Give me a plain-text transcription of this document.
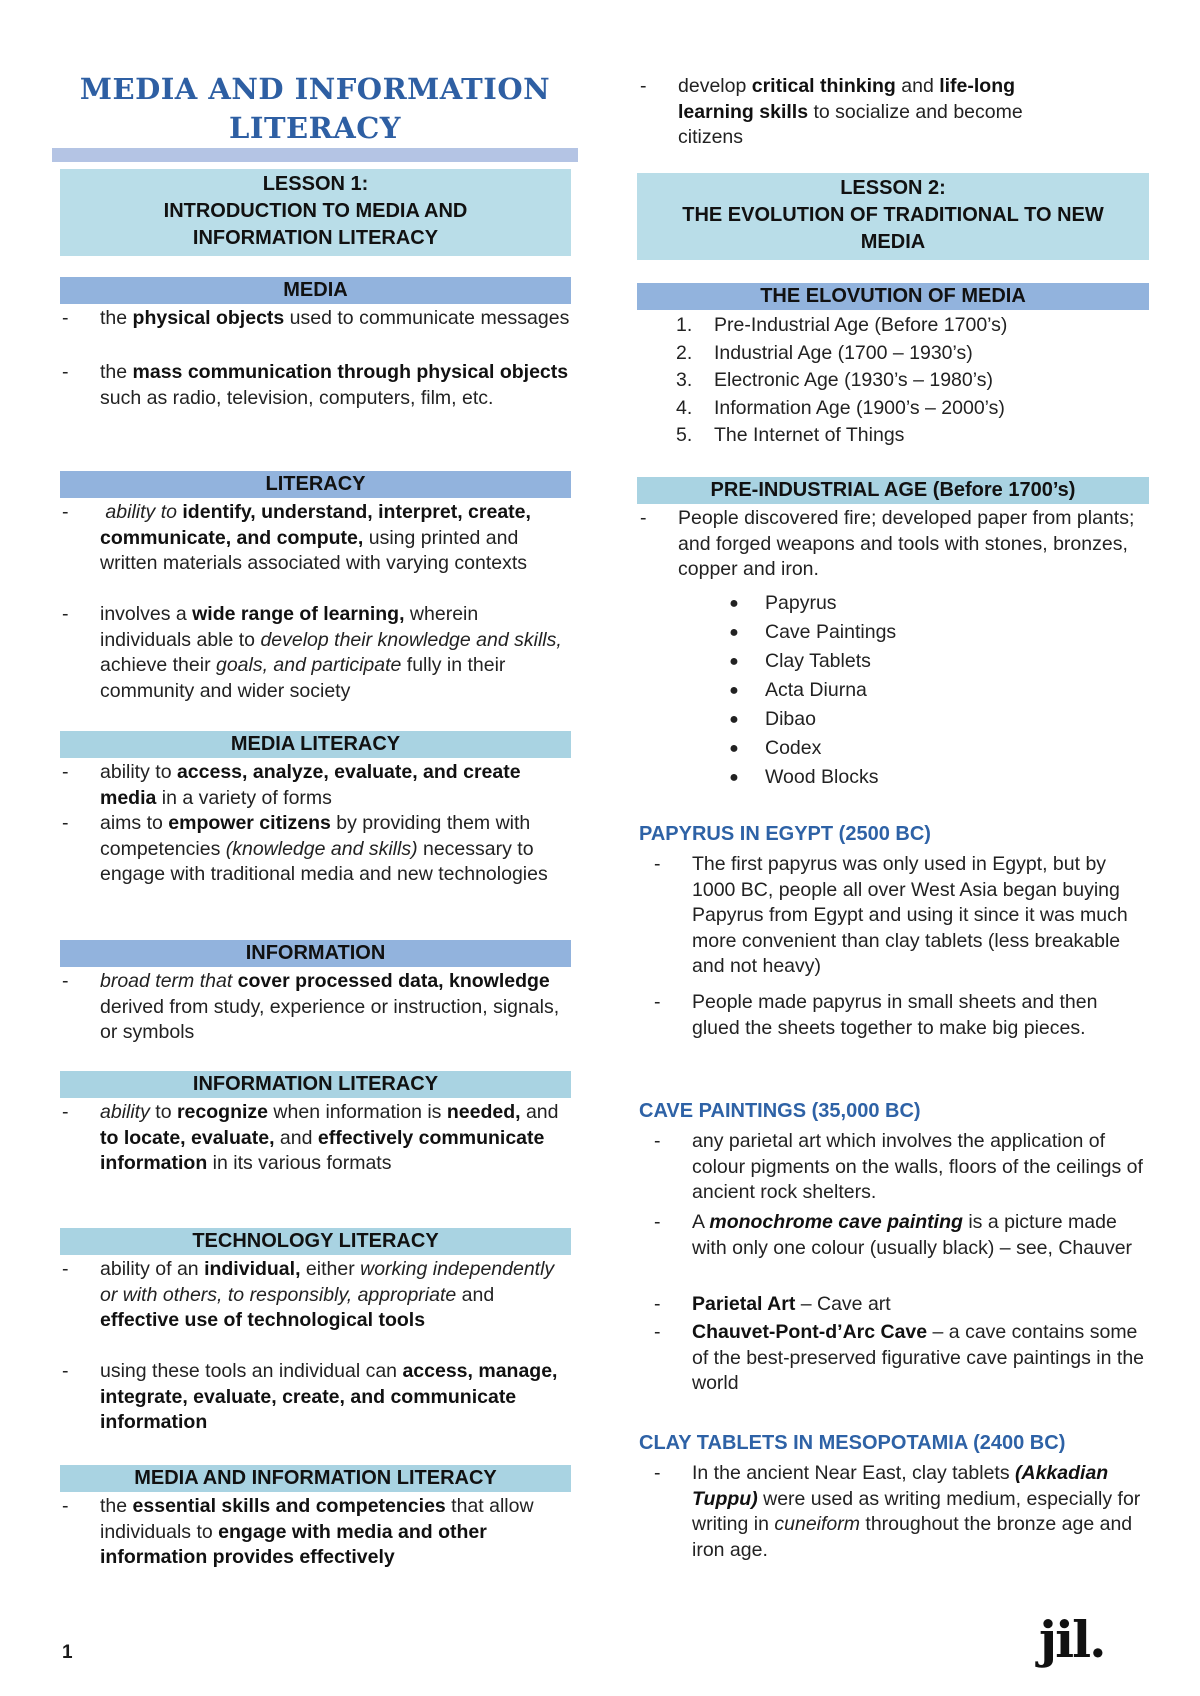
MEDIA AND INFORMATION
LITERACY
LESSON 1:
INTRODUCTION TO MEDIA AND
INFORMATION LITERACY
MEDIA
- the physical objects used to communicate messages
- the mass communication through physical objects such as radio, television, computers, film, etc.
LITERACY
- ability to identify, understand, interpret, create, communicate, and compute, using printed and written materials associated with varying contexts
- involves a wide range of learning, wherein individuals able to develop their knowledge and skills, achieve their goals, and participate fully in their community and wider society
MEDIA LITERACY
- ability to access, analyze, evaluate, and create media in a variety of forms
- aims to empower citizens by providing them with competencies (knowledge and skills) necessary to engage with traditional media and new technologies
INFORMATION
- broad term that cover processed data, knowledge derived from study, experience or instruction, signals, or symbols
INFORMATION LITERACY
- ability to recognize when information is needed, and to locate, evaluate, and effectively communicate information in its various formats
TECHNOLOGY LITERACY
- ability of an individual, either working independently or with others, to responsibly, appropriate and effective use of technological tools
- using these tools an individual can access, manage, integrate, evaluate, create, and communicate information
MEDIA AND INFORMATION LITERACY
- the essential skills and competencies that allow individuals to engage with media and other information provides effectively
- develop critical thinking and life-long learning skills to socialize and become citizens
LESSON 2:
THE EVOLUTION OF TRADITIONAL TO NEW
MEDIA
THE ELOVUTION OF MEDIA
1.	Pre-Industrial Age (Before 1700’s)
2.	Industrial Age (1700 – 1930’s)
3.	Electronic Age (1930’s – 1980’s)
4.	Information Age (1900’s – 2000’s)
5.	The Internet of Things
PRE-INDUSTRIAL AGE (Before 1700’s)
- People discovered fire; developed paper from plants; and forged weapons and tools with stones, bronzes, copper and iron.
● Papyrus
● Cave Paintings
● Clay Tablets
● Acta Diurna
● Dibao
● Codex
● Wood Blocks
PAPYRUS IN EGYPT (2500 BC)
- The first papyrus was only used in Egypt, but by 1000 BC, people all over West Asia began buying Papyrus from Egypt and using it since it was much more convenient than clay tablets (less breakable and not heavy)
- People made papyrus in small sheets and then glued the sheets together to make big pieces.
CAVE PAINTINGS (35,000 BC)
- any parietal art which involves the application of colour pigments on the walls, floors of the ceilings of ancient rock shelters.
- A monochrome cave painting is a picture made with only one colour (usually black) – see, Chauver
- Parietal Art – Cave art
- Chauvet-Pont-d’Arc Cave – a cave contains some of the best-preserved figurative cave paintings in the world
CLAY TABLETS IN MESOPOTAMIA (2400 BC)
- In the ancient Near East, clay tablets (Akkadian Tuppu) were used as writing medium, especially for writing in cuneiform throughout the bronze age and iron age.
1	jil.
